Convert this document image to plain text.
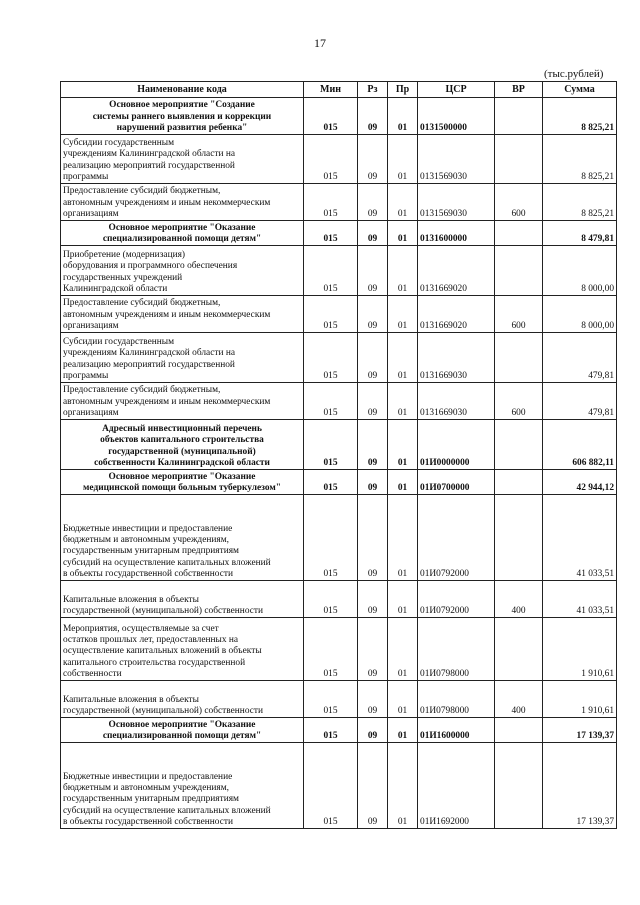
17
(тыс.рублей)
Наименование кода	Мин	Рз	Пр	ЦСР	ВР	Сумма

Основное мероприятие "Создание
системы раннего выявления и коррекции
нарушений развития ребенка"	015	09	01	0131500000		8 825,21

Субсидии государственным
учреждениям Калининградской области на
реализацию мероприятий государственной
программы	015	09	01	0131569030		8 825,21

Предоставление субсидий бюджетным,
автономным учреждениям и иным некоммерческим
организациям	015	09	01	0131569030	600	8 825,21

Основное мероприятие "Оказание
специализированной помощи детям"	015	09	01	0131600000		8 479,81

Приобретение (модернизация)
оборудования и программного обеспечения
государственных учреждений
Калининградской области	015	09	01	0131669020		8 000,00

Предоставление субсидий бюджетным,
автономным учреждениям и иным некоммерческим
организациям	015	09	01	0131669020	600	8 000,00

Субсидии государственным
учреждениям Калининградской области на
реализацию мероприятий государственной
программы	015	09	01	0131669030		479,81

Предоставление субсидий бюджетным,
автономным учреждениям и иным некоммерческим
организациям	015	09	01	0131669030	600	479,81

Адресный инвестиционный перечень
объектов капитального строительства
государственной (муниципальной)
собственности Калининградской области	015	09	01	01И0000000		606 882,11

Основное мероприятие "Оказание
медицинской помощи больным туберкулезом"	015	09	01	01И0700000		42 944,12

Бюджетные инвестиции и предоставление
бюджетным и автономным учреждениям,
государственным унитарным предприятиям
субсидий на осуществление капитальных вложений
в объекты государственной собственности	015	09	01	01И0792000		41 033,51

Капитальные вложения в объекты
государственной (муниципальной) собственности	015	09	01	01И0792000	400	41 033,51

Мероприятия, осуществляемые за счет
остатков прошлых лет, предоставленных на
осуществление капитальных вложений в объекты
капитального строительства государственной
собственности	015	09	01	01И0798000		1 910,61

Капитальные вложения в объекты
государственной (муниципальной) собственности	015	09	01	01И0798000	400	1 910,61

Основное мероприятие "Оказание
специализированной помощи детям"	015	09	01	01И1600000		17 139,37

Бюджетные инвестиции и предоставление
бюджетным и автономным учреждениям,
государственным унитарным предприятиям
субсидий на осуществление капитальных вложений
в объекты государственной собственности	015	09	01	01И1692000		17 139,37
